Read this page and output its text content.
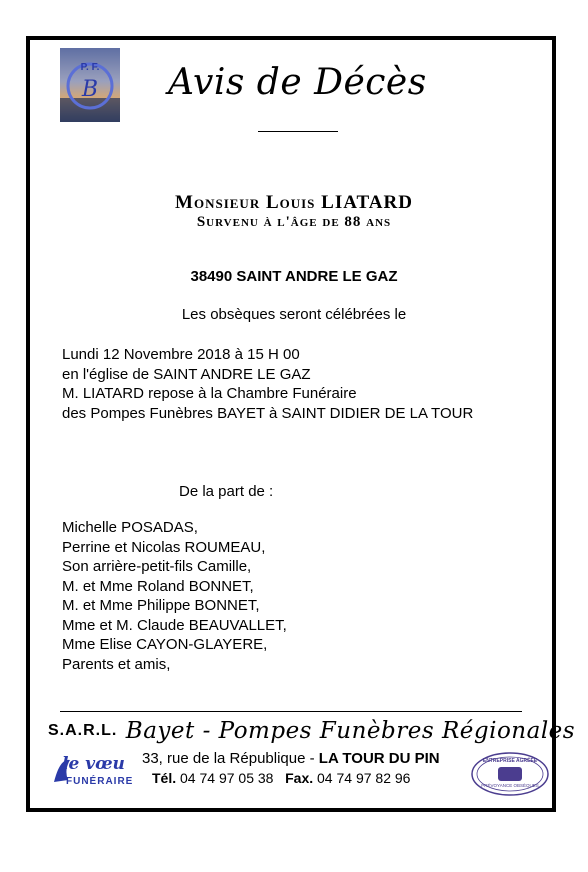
P. F.
B	Avis de Décès
Monsieur Louis LIATARD
Survenu à l'âge de 88 ans
38490 SAINT ANDRE LE GAZ
Les obsèques seront célébrées le
Lundi 12 Novembre 2018 à 15 H 00
en l'église de SAINT ANDRE LE GAZ
M. LIATARD repose à la Chambre Funéraire
des Pompes Funèbres BAYET à SAINT DIDIER DE LA TOUR
De la part de :
Michelle POSADAS,
Perrine et Nicolas ROUMEAU,
Son arrière-petit-fils Camille,
M. et Mme Roland BONNET,
M. et Mme Philippe BONNET,
Mme et M. Claude BEAUVALLET,
Mme Elise CAYON-GLAYERE,
Parents et amis,
S.A.R.L. Bayet - Pompes Funèbres Régionales
le vœu
FUNÉRAIRE
33, rue de la République - LA TOUR DU PIN
Tél. 04 74 97 05 38 Fax. 04 74 97 82 96
ENTREPRISE AGRÉÉE
PRÉVOYANCE OBSÈQUES
